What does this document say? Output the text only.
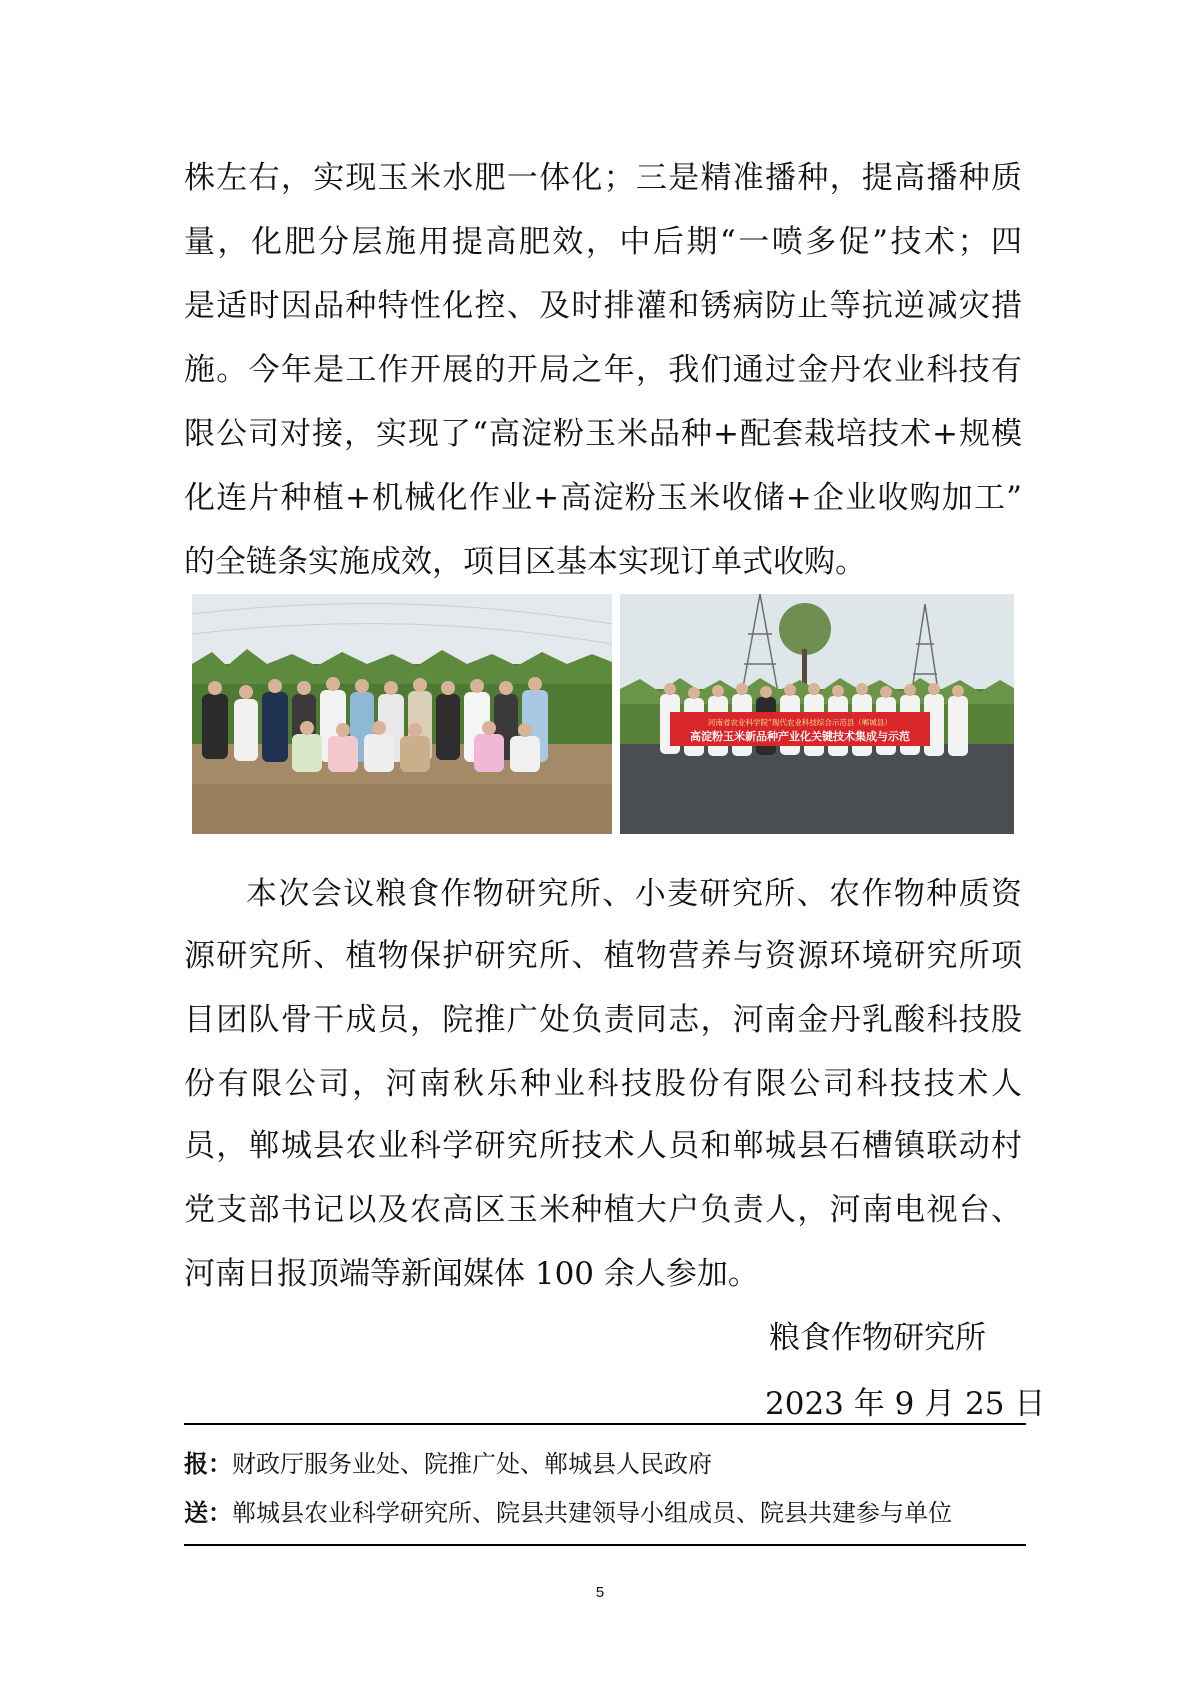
株左右，实现玉米水肥一体化；三是精准播种，提高播种质
量，化肥分层施用提高肥效，中后期“一喷多促”技术；四
是适时因品种特性化控、及时排灌和锈病防止等抗逆减灾措
施。今年是工作开展的开局之年，我们通过金丹农业科技有
限公司对接，实现了“高淀粉玉米品种+配套栽培技术+规模
化连片种植+机械化作业+高淀粉玉米收储+企业收购加工”
的全链条实施成效，项目区基本实现订单式收购。
河南省农业科学院“现代农业科技综合示范县（郸城县）
高淀粉玉米新品种产业化关键技术集成与示范
本次会议粮食作物研究所、小麦研究所、农作物种质资
源研究所、植物保护研究所、植物营养与资源环境研究所项
目团队骨干成员，院推广处负责同志，河南金丹乳酸科技股
份有限公司，河南秋乐种业科技股份有限公司科技技术人
员，郸城县农业科学研究所技术人员和郸城县石槽镇联动村
党支部书记以及农高区玉米种植大户负责人，河南电视台、
河南日报顶端等新闻媒体 100 余人参加。
粮食作物研究所
2023 年 9 月 25 日
报：财政厅服务业处、院推广处、郸城县人民政府
送：郸城县农业科学研究所、院县共建领导小组成员、院县共建参与单位
5
